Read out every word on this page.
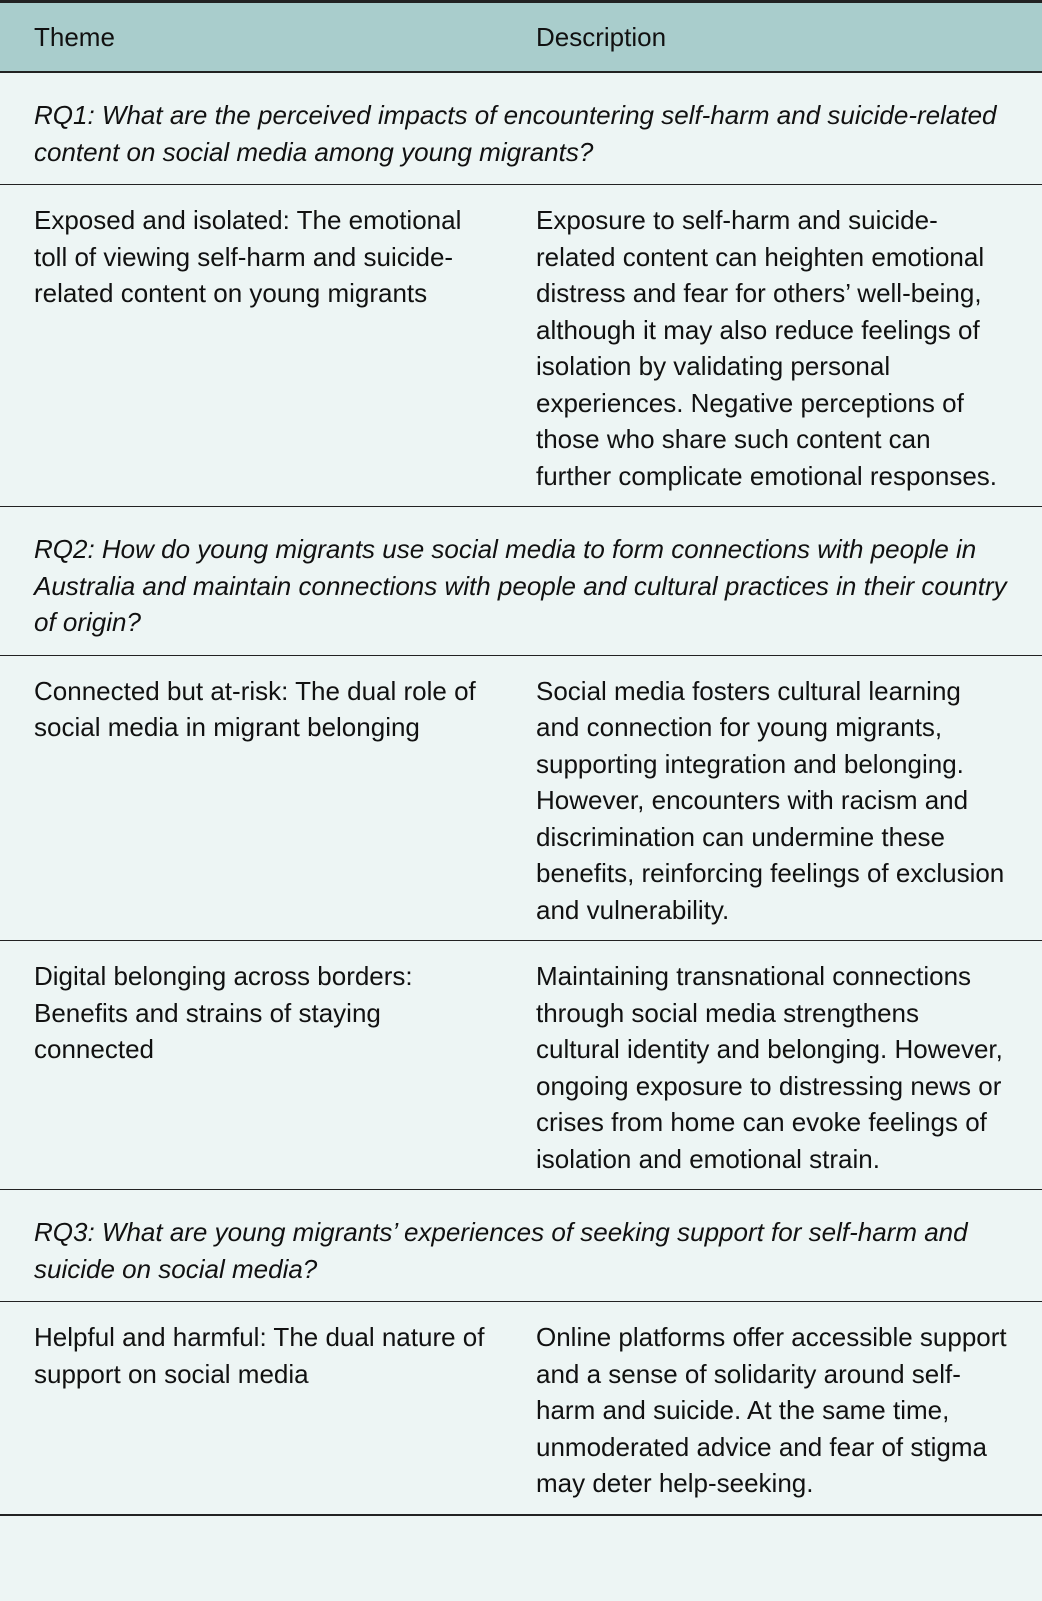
Theme	Description
RQ1: What are the perceived impacts of encountering self-harm and suicide-related content on social media among young migrants?	
Exposed and isolated: The emotional toll of viewing self-harm and suicide-related content on young migrants	Exposure to self-harm and suicide-related content can heighten emotional distress and fear for others’ well-being, although it may also reduce feelings of isolation by validating personal experiences. Negative perceptions of those who share such content can further complicate emotional responses.
RQ2: How do young migrants use social media to form connections with people in Australia and maintain connections with people and cultural practices in their country of origin?	
Connected but at-risk: The dual role of social media in migrant belonging	Social media fosters cultural learning and connection for young migrants, supporting integration and belonging. However, encounters with racism and discrimination can undermine these benefits, reinforcing feelings of exclusion and vulnerability.
Digital belonging across borders: Benefits and strains of staying connected	Maintaining transnational connections through social media strengthens cultural identity and belonging. However, ongoing exposure to distressing news or crises from home can evoke feelings of isolation and emotional strain.
RQ3: What are young migrants’ experiences of seeking support for self-harm and suicide on social media?	
Helpful and harmful: The dual nature of support on social media	Online platforms offer accessible support and a sense of solidarity around self-harm and suicide. At the same time, unmoderated advice and fear of stigma may deter help-seeking.
